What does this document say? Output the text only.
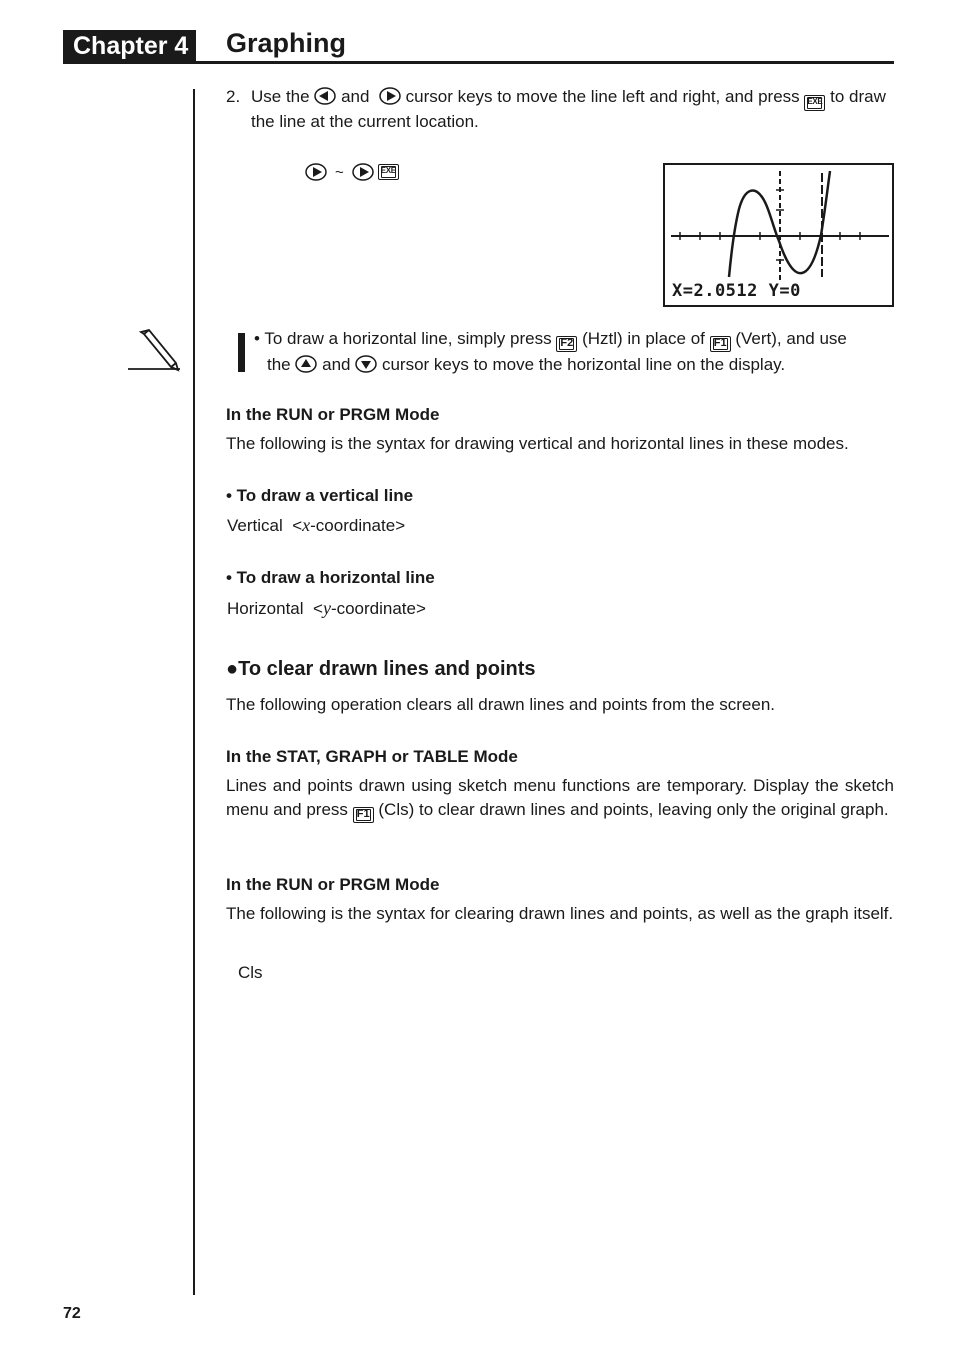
Chapter 4 Graphing
2. Use the and cursor keys to move the line left and right, and press EXE to draw the line at the current location.
~	EXE
X=2.0512 Y=0
• To draw a horizontal line, simply press F2 (Hztl) in place of F1 (Vert), and use
the and cursor keys to move the horizontal line on the display.
In the RUN or PRGM Mode
The following is the syntax for drawing vertical and horizontal lines in these modes.
• To draw a vertical line
Vertical <x-coordinate>
• To draw a horizontal line
Horizontal <y-coordinate>
●To clear drawn lines and points
The following operation clears all drawn lines and points from the screen.
In the STAT, GRAPH or TABLE Mode
Lines and points drawn using sketch menu functions are temporary. Display the sketch menu and press F1 (Cls) to clear drawn lines and points, leaving only the original graph.
In the RUN or PRGM Mode
The following is the syntax for clearing drawn lines and points, as well as the graph itself.
Cls
72
